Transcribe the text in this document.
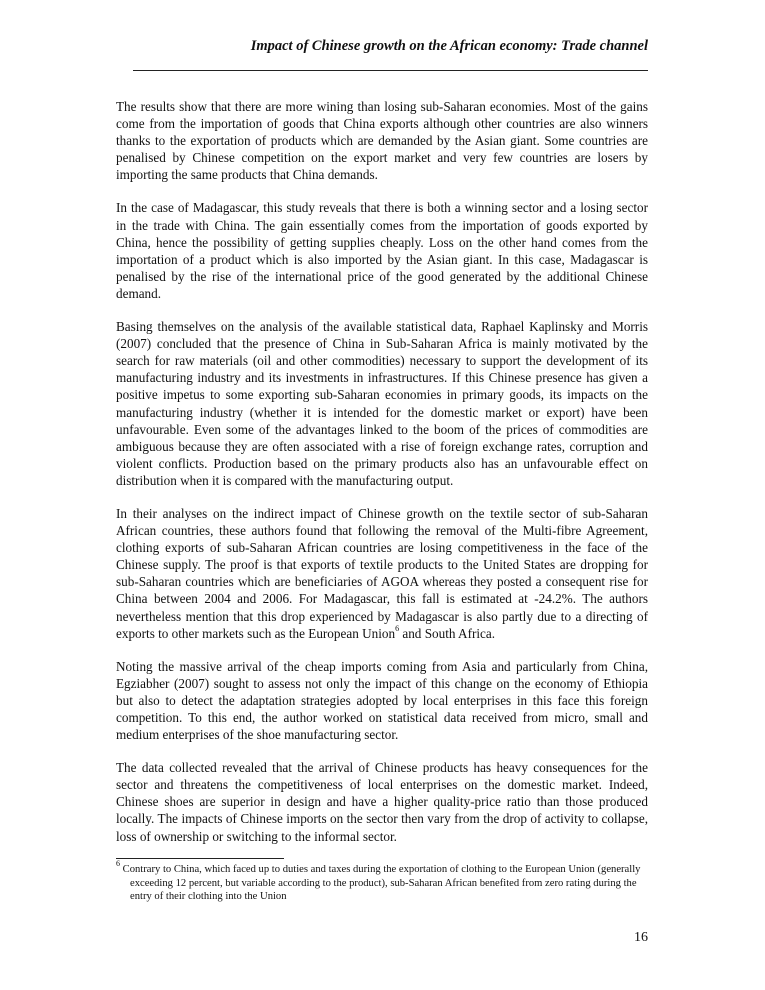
Impact of Chinese growth on the African economy: Trade channel

The results show that there are more wining than losing sub-Saharan economies. Most of the gains come from the importation of goods that China exports although other countries are also winners thanks to the exportation of products which are demanded by the Asian giant. Some countries are penalised by Chinese competition on the export market and very few countries are losers by importing the same products that China demands.

In the case of Madagascar, this study reveals that there is both a winning sector and a losing sector in the trade with China. The gain essentially comes from the importation of goods exported by China, hence the possibility of getting supplies cheaply. Loss on the other hand comes from the importation of a product which is also imported by the Asian giant. In this case, Madagascar is penalised by the rise of the international price of the good generated by the additional Chinese demand.

Basing themselves on the analysis of the available statistical data, Raphael Kaplinsky and Morris (2007) concluded that the presence of China in Sub-Saharan Africa is mainly motivated by the search for raw materials (oil and other commodities) necessary to support the development of its manufacturing industry and its investments in infrastructures. If this Chinese presence has given a positive impetus to some exporting sub-Saharan economies in primary goods, its impacts on the manufacturing industry (whether it is intended for the domestic market or export) have been unfavourable. Even some of the advantages linked to the boom of the prices of commodities are ambiguous because they are often associated with a rise of foreign exchange rates, corruption and violent conflicts. Production based on the primary products also has an unfavourable effect on distribution when it is compared with the manufacturing output.

In their analyses on the indirect impact of Chinese growth on the textile sector of sub-Saharan African countries, these authors found that following the removal of the Multi-fibre Agreement, clothing exports of sub-Saharan African countries are losing competitiveness in the face of the Chinese supply. The proof is that exports of textile products to the United States are dropping for sub-Saharan countries which are beneficiaries of AGOA whereas they posted a consequent rise for China between 2004 and 2006. For Madagascar, this fall is estimated at -24.2%. The authors nevertheless mention that this drop experienced by Madagascar is also partly due to a directing of exports to other markets such as the European Union$^6$ and South Africa.

Noting the massive arrival of the cheap imports coming from Asia and particularly from China, Egziabher (2007) sought to assess not only the impact of this change on the economy of Ethiopia but also to detect the adaptation strategies adopted by local enterprises in this face this foreign competition. To this end, the author worked on statistical data received from micro, small and medium enterprises of the shoe manufacturing sector.

The data collected revealed that the arrival of Chinese products has heavy consequences for the sector and threatens the competitiveness of local enterprises on the domestic market. Indeed, Chinese shoes are superior in design and have a higher quality-price ratio than those produced locally. The impacts of Chinese imports on the sector then vary from the drop of activity to collapse, loss of ownership or switching to the informal sector.

$^6$ Contrary to China, which faced up to duties and taxes during the exportation of clothing to the European Union (generally exceeding 12 percent, but variable according to the product), sub-Saharan African benefited from zero rating during the entry of their clothing into the Union
16
